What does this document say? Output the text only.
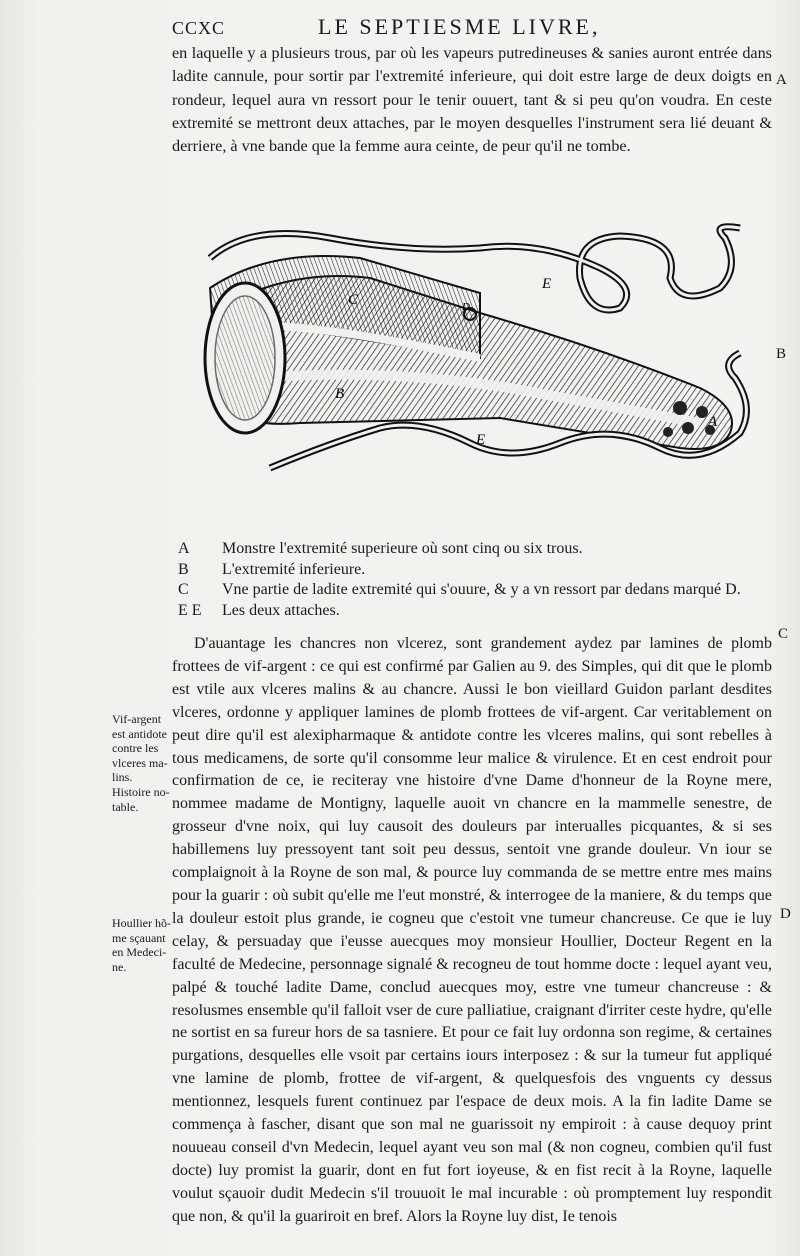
CCXC	LE SEPTIESME LIVRE,

en laquelle y a plusieurs trous, par où les vapeurs putredineuses & sanies auront entrée dans ladite cannule, pour sortir par l'extremité inferieure, qui doit estre large de deux doigts en rondeur, lequel aura vn ressort pour le tenir ouuert, tant & si peu qu'on voudra. En ceste extremité se mettront deux attaches, par le moyen desquelles l'instrument sera lié deuant & derriere, à vne bande que la femme aura ceinte, de peur qu'il ne tombe.

A
B
C
D
C
E
B
A
E
D
A	Monstre l'extremité superieure où sont cinq ou six trous.
B	L'extremité inferieure.
C	Vne partie de ladite extremité qui s'ouure, & y a vn ressort par dedans marqué D.
E E	Les deux attaches.

D'auantage les chancres non vlcerez, sont grandement aydez par lamines de plomb frottees de vif-argent : ce qui est confirmé par Galien au 9. des Simples, qui dit que le plomb est vtile aux vlceres malins & au chancre. Aussi le bon vieillard Guidon parlant desdites vlceres, ordonne y appliquer lamines de plomb frottees de vif-argent. Car veritablement on peut dire qu'il est alexipharmaque & antidote contre les vlceres malins, qui sont rebelles à tous medicamens, de sorte qu'il consomme leur malice & virulence. Et en cest endroit pour confirmation de ce, ie reciteray vne histoire d'vne Dame d'honneur de la Royne mere, nommee madame de Montigny, laquelle auoit vn chancre en la mammelle senestre, de grosseur d'vne noix, qui luy causoit des douleurs par interualles picquantes, & si ses habillemens luy pressoyent tant soit peu dessus, sentoit vne grande douleur. Vn iour se complaignoit à la Royne de son mal, & pource luy commanda de se mettre entre mes mains pour la guarir : où subit qu'elle me l'eut monstré, & interrogee de la maniere, & du temps que la douleur estoit plus grande, ie cogneu que c'estoit vne tumeur chancreuse. Ce que ie luy celay, & persuaday que i'eusse auecques moy monsieur Houllier, Docteur Regent en la faculté de Medecine, personnage signalé & recogneu de tout homme docte : lequel ayant veu, palpé & touché ladite Dame, conclud auecques moy, estre vne tumeur chancreuse : & resolusmes ensemble qu'il falloit vser de cure palliatiue, craignant d'irriter ceste hydre, qu'elle ne sortist en sa fureur hors de sa tasniere. Et pour ce fait luy ordonna son regime, & certaines purgations, desquelles elle vsoit par certains iours interposez : & sur la tumeur fut appliqué vne lamine de plomb, frottee de vif-argent, & quelquesfois des vnguents cy dessus mentionnez, lesquels furent continuez par l'espace de deux mois. A la fin ladite Dame se commença à fascher, disant que son mal ne guarissoit ny empiroit : à cause dequoy print nouueau conseil d'vn Medecin, lequel ayant veu son mal (& non cogneu, combien qu'il fust docte) luy promist la guarir, dont en fut fort ioyeuse, & en fist recit à la Royne, laquelle voulut sçauoir dudit Medecin s'il trouuoit le mal incurable : où promptement luy respondit que non, & qu'il la guariroit en bref. Alors la Royne luy dist, Ie tenois

Vif-argent

est antidote

contre les

vlceres ma-

lins.

Histoire no-

table.

Houllier hõ-

me sçauant

en Medeci-

ne.
